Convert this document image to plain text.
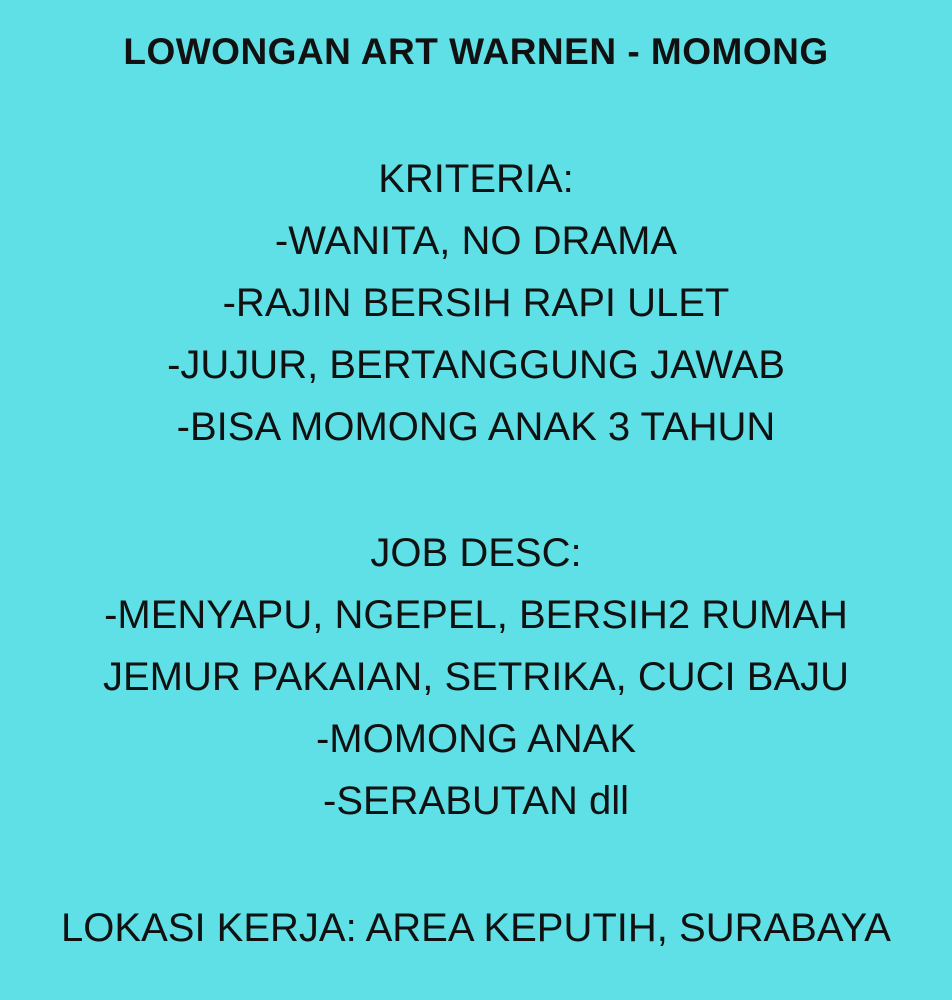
LOWONGAN ART WARNEN - MOMONG
KRITERIA:
-WANITA, NO DRAMA
-RAJIN BERSIH RAPI ULET
-JUJUR, BERTANGGUNG JAWAB
-BISA MOMONG ANAK 3 TAHUN
JOB DESC:
-MENYAPU, NGEPEL, BERSIH2 RUMAH
JEMUR PAKAIAN, SETRIKA, CUCI BAJU
-MOMONG ANAK
-SERABUTAN dll
LOKASI KERJA: AREA KEPUTIH, SURABAYA
